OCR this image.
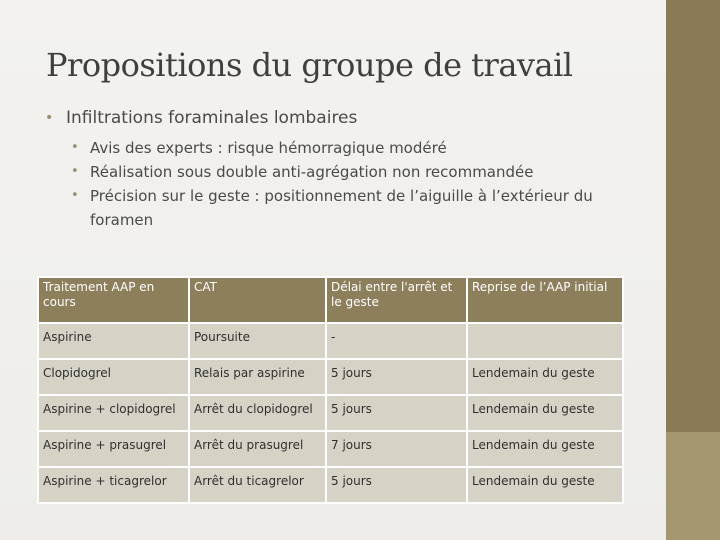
Propositions du groupe de travail
• Infiltrations foraminales lombaires
• Avis des experts : risque hémorragique modéré
• Réalisation sous double anti-agrégation non recommandée
• Précision sur le geste : positionnement de l’aiguille à l’extérieur du foramen
Traitement AAP en cours	CAT	Délai entre l'arrêt et le geste	Reprise de l’AAP initial
Aspirine	Poursuite	-	
Clopidogrel	Relais par aspirine	5 jours	Lendemain du geste
Aspirine + clopidogrel	Arrêt du clopidogrel	5 jours	Lendemain du geste
Aspirine + prasugrel	Arrêt du prasugrel	7 jours	Lendemain du geste
Aspirine + ticagrelor	Arrêt du ticagrelor	5 jours	Lendemain du geste
